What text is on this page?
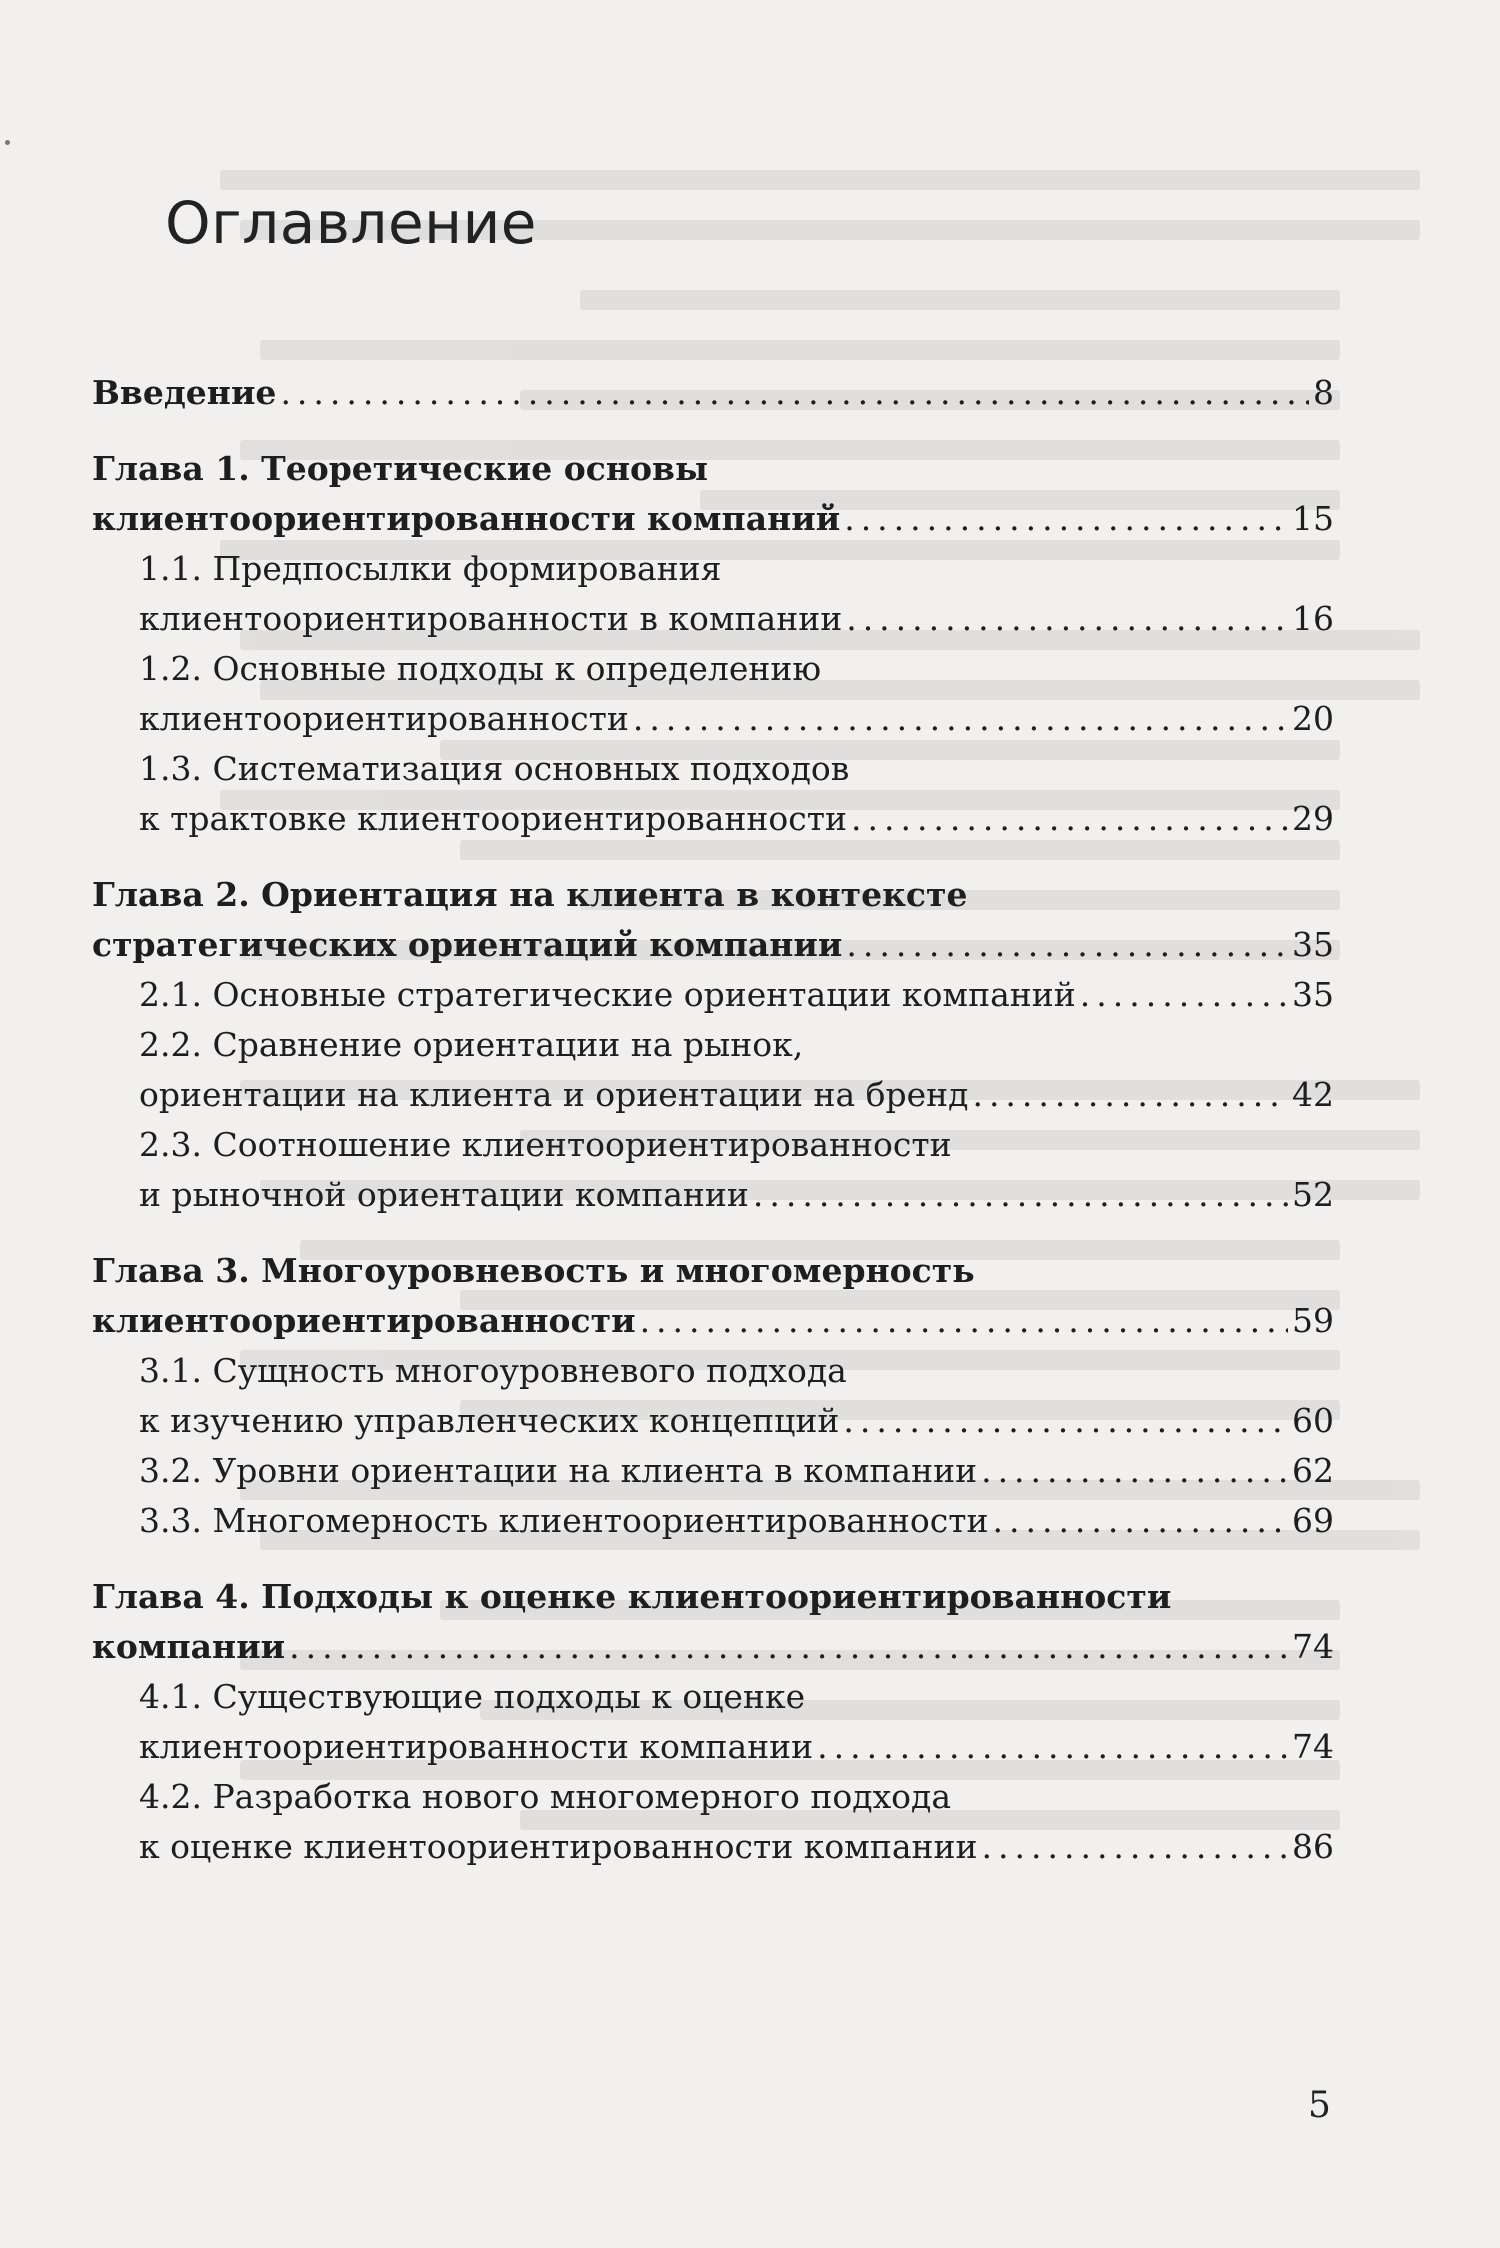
Оглавление
Введение .....	8
Глава 1. Теоретические основы
клиентоориентированности компаний .....	15
1.1. Предпосылки формирования
клиентоориентированности в компании .....	16
1.2. Основные подходы к определению
клиентоориентированности .....	20
1.3. Систематизация основных подходов
к трактовке клиентоориентированности .....	29
Глава 2. Ориентация на клиента в контексте
стратегических ориентаций компании .....	35
2.1. Основные стратегические ориентации компаний .....	35
2.2. Сравнение ориентации на рынок,
ориентации на клиента и ориентации на бренд .....	42
2.3. Соотношение клиентоориентированности
и рыночной ориентации компании .....	52
Глава 3. Многоуровневость и многомерность
клиентоориентированности .....	59
3.1. Сущность многоуровневого подхода
к изучению управленческих концепций .....	60
3.2. Уровни ориентации на клиента в компании .....	62
3.3. Многомерность клиентоориентированности .....	69
Глава 4. Подходы к оценке клиентоориентированности
компании .....	74
4.1. Существующие подходы к оценке
клиентоориентированности компании .....	74
4.2. Разработка нового многомерного подхода
к оценке клиентоориентированности компании .....	86
5
